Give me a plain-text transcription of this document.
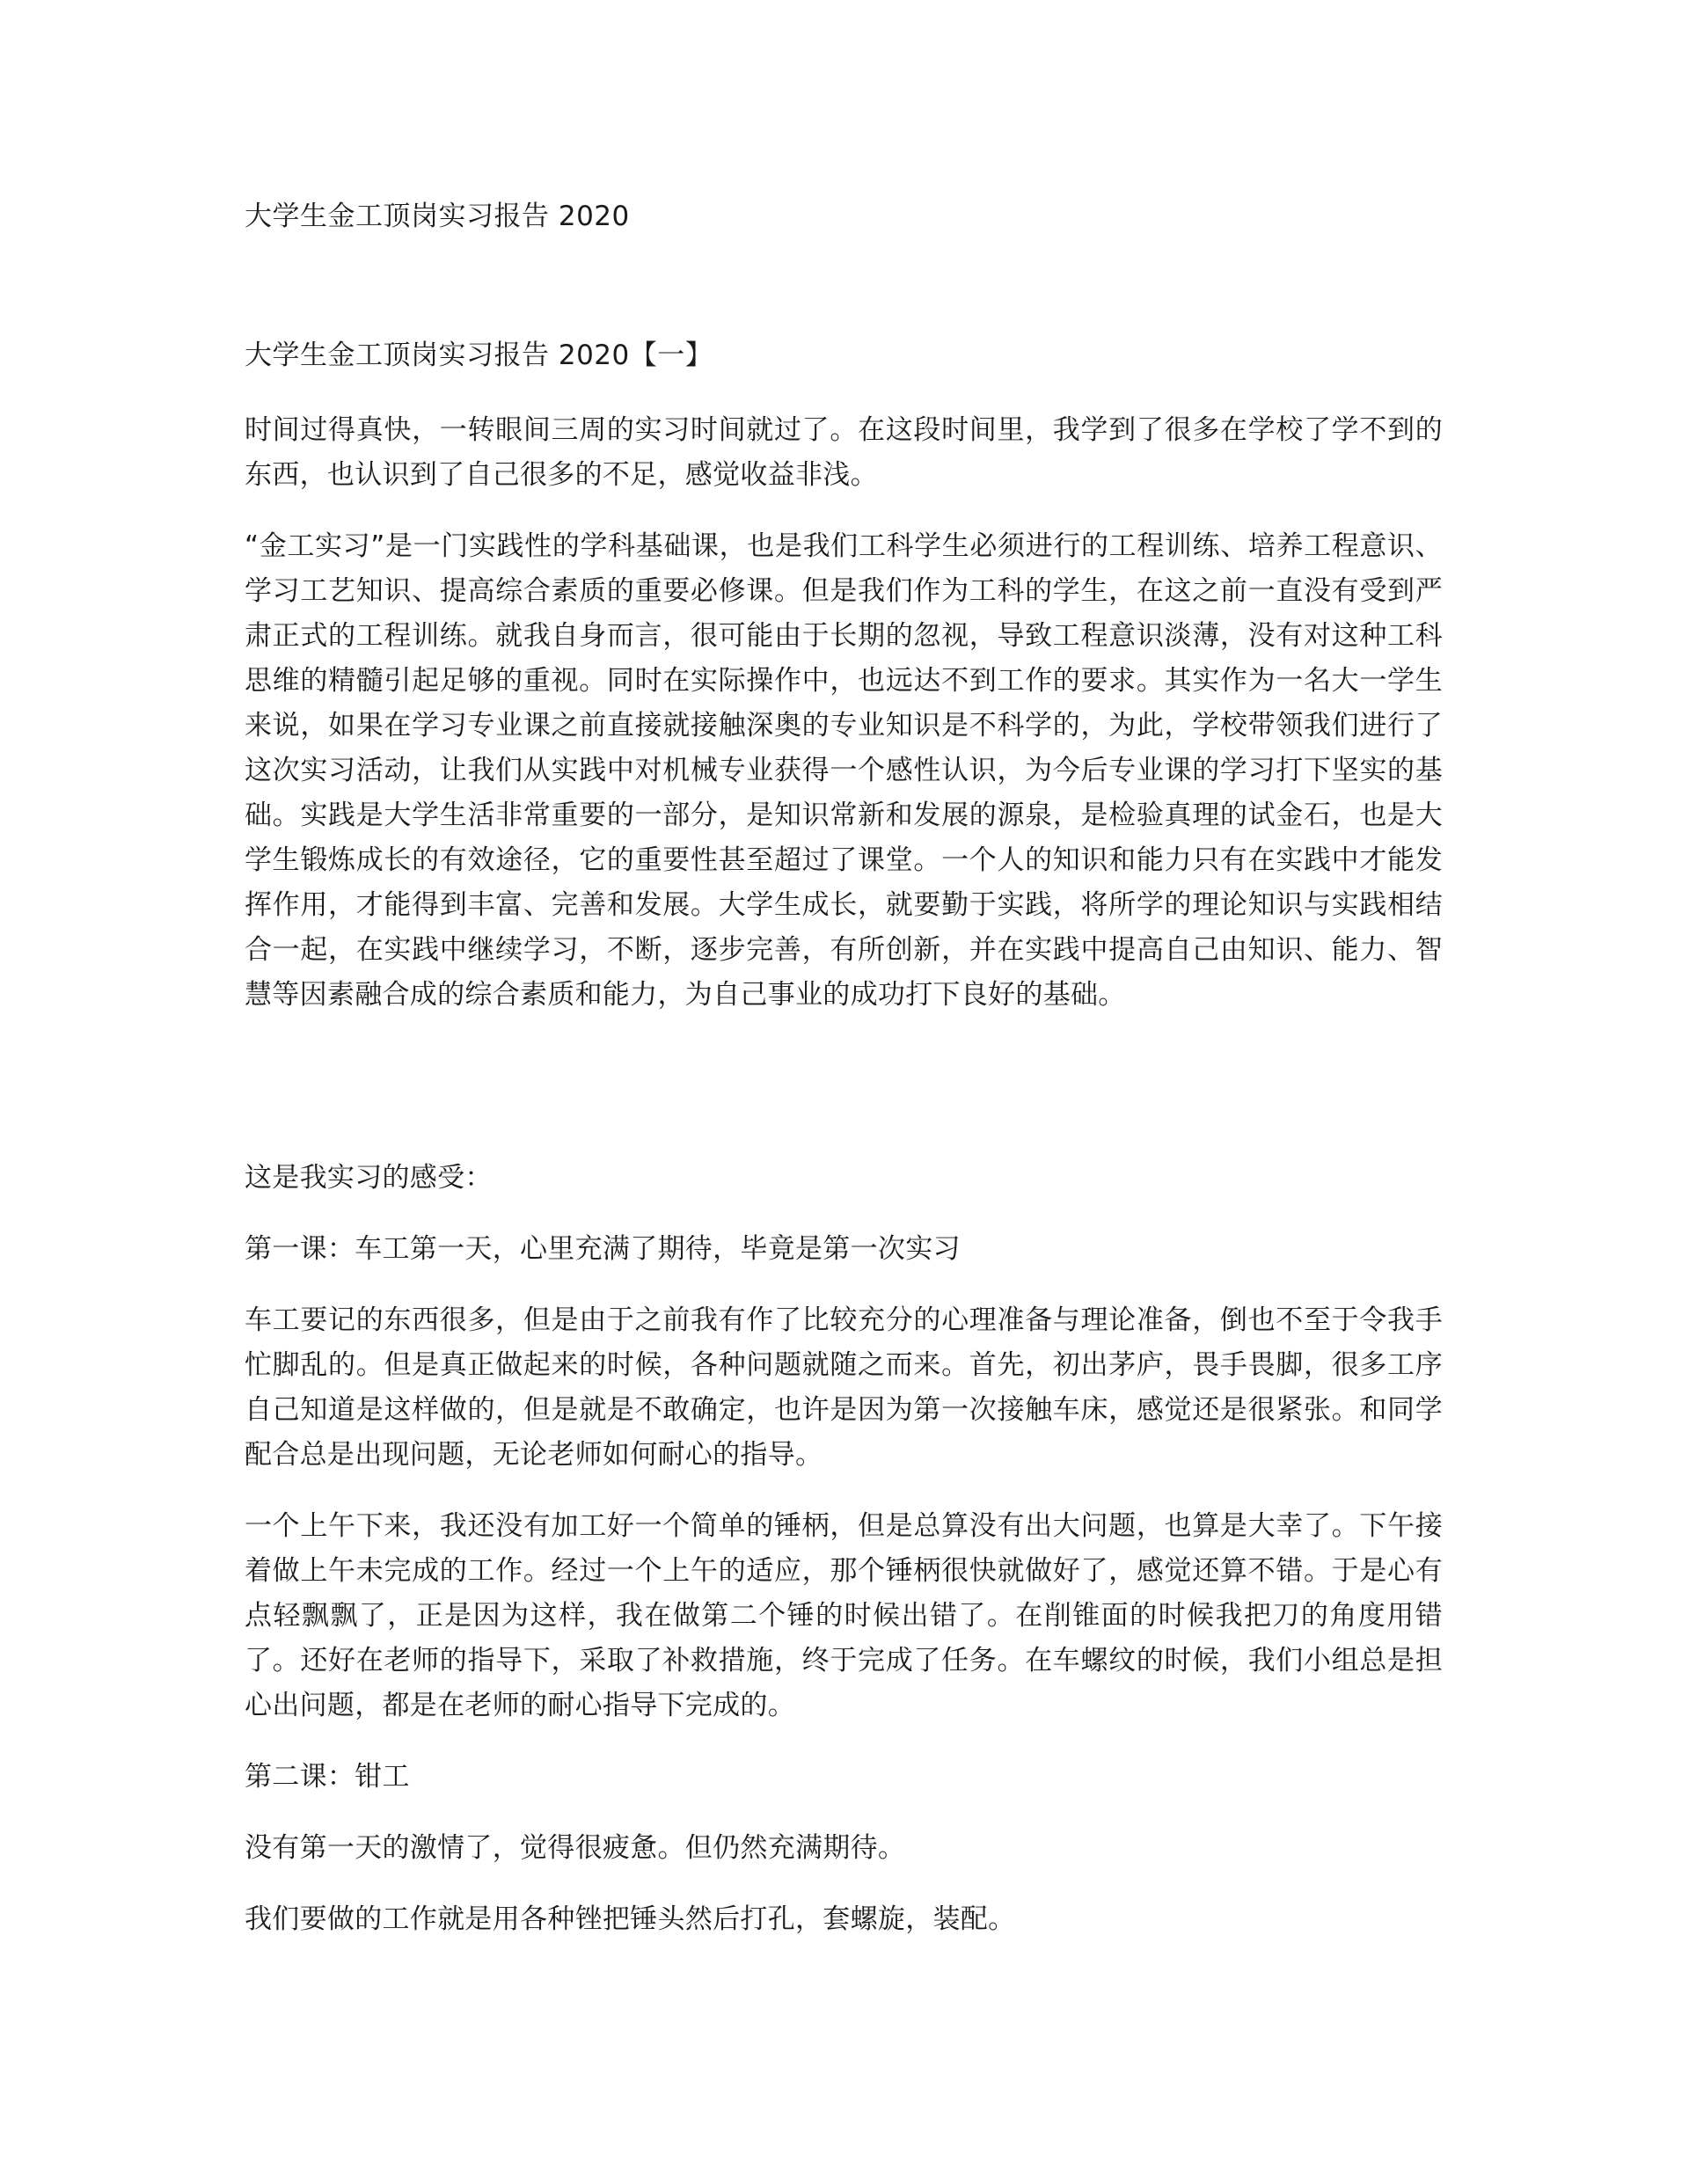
大学生金工顶岗实习报告 2020
大学生金工顶岗实习报告 2020【一】

时间过得真快，一转眼间三周的实习时间就过了。在这段时间里，我学到了很多在学校了学不到的东西，也认识到了自己很多的不足，感觉收益非浅。

“金工实习”是一门实践性的学科基础课，也是我们工科学生必须进行的工程训练、培养工程意识、学习工艺知识、提高综合素质的重要必修课。但是我们作为工科的学生，在这之前一直没有受到严肃正式的工程训练。就我自身而言，很可能由于长期的忽视，导致工程意识淡薄，没有对这种工科思维的精髓引起足够的重视。同时在实际操作中，也远达不到工作的要求。其实作为一名大一学生来说，如果在学习专业课之前直接就接触深奥的专业知识是不科学的，为此，学校带领我们进行了这次实习活动，让我们从实践中对机械专业获得一个感性认识，为今后专业课的学习打下坚实的基础。实践是大学生活非常重要的一部分，是知识常新和发展的源泉，是检验真理的试金石，也是大学生锻炼成长的有效途径，它的重要性甚至超过了课堂。一个人的知识和能力只有在实践中才能发挥作用，才能得到丰富、完善和发展。大学生成长，就要勤于实践，将所学的理论知识与实践相结合一起，在实践中继续学习，不断，逐步完善，有所创新，并在实践中提高自己由知识、能力、智慧等因素融合成的综合素质和能力，为自己事业的成功打下良好的基础。

这是我实习的感受：

第一课：车工第一天，心里充满了期待，毕竟是第一次实习

车工要记的东西很多，但是由于之前我有作了比较充分的心理准备与理论准备，倒也不至于令我手忙脚乱的。但是真正做起来的时候，各种问题就随之而来。首先，初出茅庐，畏手畏脚，很多工序自己知道是这样做的，但是就是不敢确定，也许是因为第一次接触车床，感觉还是很紧张。和同学配合总是出现问题，无论老师如何耐心的指导。

一个上午下来，我还没有加工好一个简单的锤柄，但是总算没有出大问题，也算是大幸了。下午接着做上午未完成的工作。经过一个上午的适应，那个锤柄很快就做好了，感觉还算不错。于是心有点轻飘飘了，正是因为这样，我在做第二个锤的时候出错了。在削锥面的时候我把刀的角度用错了。还好在老师的指导下，采取了补救措施，终于完成了任务。在车螺纹的时候，我们小组总是担心出问题，都是在老师的耐心指导下完成的。

第二课：钳工

没有第一天的激情了，觉得很疲惫。但仍然充满期待。

我们要做的工作就是用各种锉把锤头然后打孔，套螺旋，装配。
